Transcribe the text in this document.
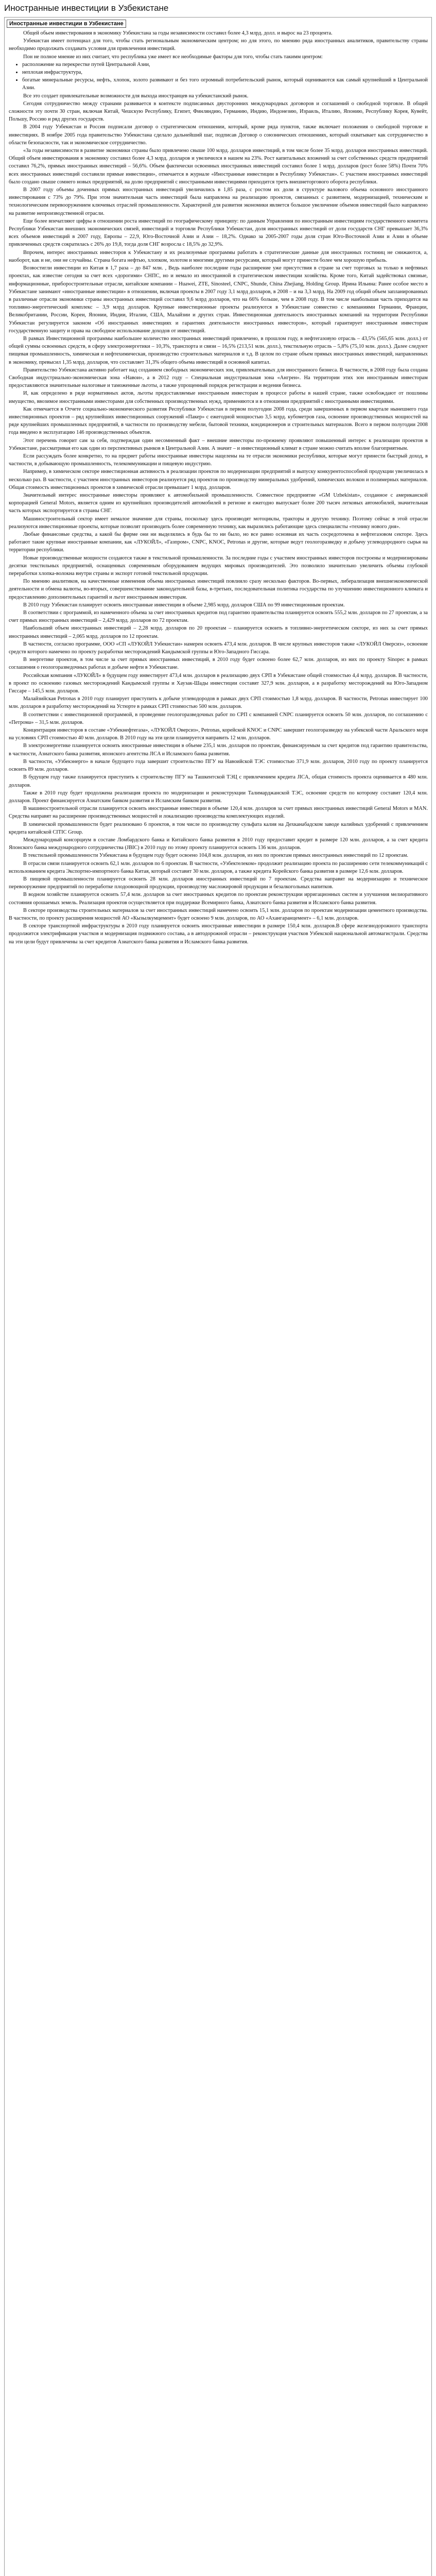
Иностранные инвестиции в Узбекистане
Иностранные инвестиции в Узбекистане

Общей обьем инвестирования в экономику Узбекистана за годы независимости составил более 4,3 млрд. долл. и вырос на 23 процента.

Узбекистан имеет потенциал для того, чтобы стать региональным экономическим центром; но для этого, по мнению ряда иностранных аналитиков, правительству страны необходимо продолжать создавать условия для привлечения инвестиций.

Пон не полное мнение из них считает, что республика уже имеет все необходимые факторы для того, чтобы стать такимм центром:

• расположение на перекрестке путей Центральной Азии,
• неплохая инфраструктура,
• богатые минеральные ресурсы, нефть, хлопок, золото развивают и без того огромный потребительский рынок, который оцениваются как самый крупнейший в Центральной Азии.

Все это создает привлекательные возможности для выхода иностранцев на узбекистанский рынок.

Сегодня сотрудничество между странами развивается в контексте подписанных двусторонних международных договоров и соглашений о свободной торговле. В общей сложности эту почти 30 стран, включая Китай, Чешскую Республику, Египет, Финляндию, Германию, Индию, Индонезию, Израиль, Италию, Японию, Республику Корея, Кувейт, Польшу, Россию и ряд других государств.

В 2004 году Узбекистан и Россия подписали договор о стратегическом отношении, который, кроме ряда пунктов, также включает положения о свободной торговле и инвестициях. В ноябре 2005 года правительство Узбекистана сделало дальнейший шаг, подписав Договор о союзнических отношениях, который охватывает как сотрудничество в области безопасности, так и экономическое сотрудничество.

«За годы независимости в развитие экономики страны было привлечено свыше 100 млрд. долларов инвестиций, в том числе более 35 млрд. долларов иностранных инвестиций. Общий объем инвестирования в экономику составил более 4,3 млрд. долларов и увеличился в нашем на 23%. Рост капитальных вложений за счет собственных средств предприятий составил 76,2%, прямых иностранных инвестиций – 56,6%. Объем фактически освоенных иностранных инвестиций составил более 1 млрд. долларов (рост более 58%) Почти 70% всех иностранных инвестиций составили прямые инвестиции», отмечается в журнале «Иностранные инвестиции в Республику Узбекистан». С участием иностранных инвестиций было создано свыше сомнего новых предприятий, на долю предприятий с иностранными инвестициями приходится треть внешнеторгового оборота республики.

В 2007 году объемы доченных прямых иностранных инвестиций увеличились в 1,85 раза, с ростом их доли в структуре валового объема основного иностранного инвестирования с 73% до 79%. При этом значительная часть инвестиций была направлена на реализацию проектов, связанных с развитием, модернизацией, техническим и технологическим перевооружением ключевых отраслей промышленности. Характерной для развития экономики является большое увеличение объемов инвестиций было направлено на развитие непроизводственной отрасли.

Еще более впечатляют цифры в отношении роста инвестиций по географическому принципу: по данным Управления по иностранным инвестициям государственного комитета Республики Узбекистан внешних экономических связей, инвестиций и торговли Республики Узбекистан, доля иностранных инвестиций от доли государств СНГ превышает 36,3% всех объемов инвестиций в 2007 году, Европы – 22,9, Юго-Восточной Азии и Азии – 18,2%. Однако за 2005-2007 годы доля стран Юго-Восточной Азии и Азии в объеме привлеченных средств сократилась с 26% до 19,8, тогда доля СНГ возросла с 18,5% до 32,9%.

Впрочем, интерес иностранных инвесторов к Узбекистану и их реализуемые программы работать в стратегические данные для иностранных гостиниц не снижаются, а, наоборот, как и не, они не случайны. Страна богата нефтью, хлопком, золотом и многими другими ресурсами, который могут принести более чем хорошую прибыль.

Возвостигли инвестиции из Китая в 1,7 раза – до 847 млн. , Ведь наиболее последние годы расширение уже присутствия в стране за счет торговых за только в нефтяных проектах, как известие сегодня за счет всех «дорогими» СНПС, но и немало из иностранной в стратегическом инвестиции хозяйства. Кроме того, Китай задействовал связные, информационные, приборостроительные отрасли, китайские компании – Huawei, ZTE, Sinosteel, CNPC, Shunde, China Zhejiang, Holding Group. Ирина Ильина: Ранее особое место в Узбекистане занимают «иностранные инвестиции» в отношении, включая проекты в 2007 году 3,1 млрд долларов, в 2008 – и на 3,3 млрд. На 2009 год общий объем запланированных в различные отрасли экономики страны иностранных инвестиций составил 9,6 млрд долларов, что на 66% больше, чем в 2008 году. В том числе наибольшая часть приходится на топливно-энергетический комплекс – 3,9 млрд долларов. Крупные инвестиционные проекты реализуются в Узбекистане совместно с компаниями Германии, Франции, Великобритании, России, Кореи, Японии, Индии, Италии, США, Малайзии и других стран. Инвестиционная деятельность иностранных компаний на территории Республики Узбекистан регулируется законом «Об иностранных инвестициях и гарантиях деятельности иностранных инвесторов», который гарантирует иностранным инвесторам государственную защиту и права на свободное использование доходов от инвестиций.

В рамках Инвестиционной программы наибольшее количество иностранных инвестиций привлечено, в прошлом году, в нефтегазовую отрасль – 43,5% (565,65 млн. долл.) от общей суммы освоенных средств, в сферу электроэнергетики – 10,3%, транспорта и связи – 16,5% (213,51 млн. долл.), текстильную отрасль – 5,8% (75,10 млн. долл.). Далее следуют пищевая промышленность, химическая и нефтехимическая, производство строительных материалов и т.д. В целом по стране объем прямых иностранных инвестиций, направленных в экономику, превысил 1,35 млрд. долларов, что составляет 31,3% общего объема инвестиций в основной капитал.

Правительство Узбекистана активно работает над созданием свободных экономических зон, привлекательных для иностранного бизнеса. В частности, в 2008 году была создана Свободная индустриально-экономическая зона «Навои», а в 2012 году – Специальная индустриальная зона «Ангрен». На территории этих зон иностранным инвесторам предоставляются значительные налоговые и таможенные льготы, а также упрощенный порядок регистрации и ведения бизнеса.

И, как определено в ряде нормативных актов, льготы предоставляемые иностранным инвесторам в процессе работы в нашей стране, также освобождают от пошлины имущество, ввозимое иностранными инвесторами для собственных производственных нужд, применяются и в отношении предприятий с иностранными инвестициями.

Как отмечается в Отчете социально-экономического развития Республики Узбекистан в первом полугодии 2008 года, среди завершенных в первом квартале нынешнего года инвестиционных проектов – ряд крупнейших инвестиционных сооружений «Пакер» с ежегодной мощностью 3,5 млрд. кубометров газа, освоение производственных мощностей на ряде крупнейших промышленных предприятий, в частности по производству мебели, бытовой техники, кондиционеров и строительных материалов. Всего в первом полугодии 2008 года введено в эксплуатацию 146 производственных объектов.

Этот перечень говорит сам за себя, подтверждая один несомненный факт – внешние инвесторы по-прежнему проявляют повышенный интерес к реализации проектов в Узбекистане, рассматривая его как один из перспективных рынков в Центральной Азии. А значит – и инвестиционный климат в стране можно считать вполне благоприятным.

Если рассуждать более конкретно, то на предмет работы иностранные инвесторы нацелены на те отрасли экономики республики, которые могут принести быстрый доход, в частности, в добывающую промышленность, телекоммуникации и пищевую индустрию.

Например, в химическом секторе инвестиционная активность в реализации проектов по модернизации предприятий и выпуску конкурентоспособной продукции увеличилась в несколько раз. В частности, с участием иностранных инвесторов реализуется ряд проектов по производству минеральных удобрений, химических волокон и полимерных материалов. Общая стоимость инвестиционных проектов в химической отрасли превышает 1 млрд. долларов.

Значительный интерес иностранные инвесторы проявляют к автомобильной промышленности. Совместное предприятие «GM Uzbekistan», созданное с американской корпорацией General Motors, является одним из крупнейших производителей автомобилей в регионе и ежегодно выпускает более 200 тысяч легковых автомобилей, значительная часть которых экспортируется в страны СНГ.

Машиностроительный сектор имеет немалое значение для страны, поскольку здесь производят мотоциклы, тракторы и другую технику. Поэтому сейчас в этой отрасли реализуются инвестиционные проекты, которые позволят производить более современную технику, как выразились работающие здесь специалисты «технику нового дня».

Любые финансовые средства, а какой бы фирме они ни выделялись в будь бы то ни было, но все равно основная их часть сосредоточена в нефтегазовом секторе. Здесь работают такие крупные иностранные компании, как «ЛУКОЙЛ», «Газпром», CNPC, KNOC, Petronas и другие, которые ведут геологоразведку и добычу углеводородного сырья на территории республики.

Новые производственные мощности создаются также в текстильной промышленности. За последние годы с участием иностранных инвесторов построены и модернизированы десятки текстильных предприятий, оснащенных современным оборудованием ведущих мировых производителей. Это позволило значительно увеличить объемы глубокой переработки хлопка-волокна внутри страны и экспорт готовой текстильной продукции.

По мнению аналитиков, на качественные изменения объема иностранных инвестиций повлияло сразу несколько факторов. Во-первых, либерализация внешнеэкономической деятельности и обмена валюты, во-вторых, совершенствование законодательной базы, в-третьих, последовательная политика государства по улучшению инвестиционного климата и предоставлению дополнительных гарантий и льгот иностранным инвесторам.

В 2010 году Узбекистан планирует освоить иностранные инвестиции в объеме 2,985 млрд. долларов США по 99 инвестиционным проектам.

В соответствии с программой, из намеченного объема за счет иностранных кредитов под гарантию правительства планируется освоить 555,2 млн. долларов по 27 проектам, а за счет прямых иностранных инвестиций – 2,429 млрд. долларов по 72 проектам.

Наибольший объем иностранных инвестиций – 2,28 млрд. долларов по 20 проектам – планируется освоить в топливно-энергетическом секторе, из них за счет прямых иностранных инвестиций – 2,065 млрд. долларов по 12 проектам.

В частности, согласно программе, ООО «СП «ЛУКОЙЛ Узбекистан» намерен освоить 473,4 млн. долларов. В числе крупных инвесторов также «ЛУКОЙЛ Оверсиз», освоение средств которого намечено по проекту разработки месторождений Кандымской группы и Юго-Западного Гиссара.

В энергетике проектов, в том числе за счет прямых иностранных инвестиций, в 2010 году будет освоено более 62,7 млн. долларов, из них по проекту Sinopec в рамках соглашения о геологоразведочных работах и добыче нефти в Узбекистане.

Российская компания «ЛУКОЙЛ» в будущем году инвестирует 473,4 млн. долларов в реализацию двух СРП в Узбекистане общей стоимостью 4,4 млрд. долларов. В частности, в проект по освоению газовых месторождений Кандымской группы и Хаузак-Шады инвестиции составят 327,9 млн. долларов, а в разработку месторождений на Юго-Западном Гиссаре – 145,5 млн. долларов.

Малайзийская Petronas в 2010 году планирует приступить к добыче углеводородов в рамках двух СРП стоимостью 1,8 млрд. долларов. В частности, Petronas инвестирует 100 млн. долларов в разработку месторождений на Устюрте в рамках СРП стоимостью 500 млн. долларов.

В соответствии с инвестиционной программой, в проведение геологоразведочных работ по СРП с компанией CNPC планируется освоить 50 млн. долларов, по соглашению с «Петрома» – 31,5 млн. долларов.

Концентрация инвесторов в составе «Узбекнефтегаза», «ЛУКОЙЛ Оверсиз», Petronas, корейской KNOC и CNPC завершит геологоразведку на узбекской части Аральского моря на условиях СРП стоимостью 40 млн. долларов. В 2010 году на эти цели планируется направить 12 млн. долларов.

В электроэнергетике планируется освоить иностранные инвестиции в объеме 235,1 млн. долларов по проектам, финансируемым за счет кредитов под гарантию правительства, в частности, Азиатского банка развития, японского агентства JICA и Исламского банка развития.

В частности, «Узбекэнерго» в начале будущего года завершит строительство ПГУ на Навоийской ТЭС стоимостью 371,9 млн. долларов, 2010 году по проекту планируется освоить 89 млн. долларов.

В будущем году также планируется приступить к строительству ПГУ на Ташкентской ТЭЦ с привлечением кредита JICA, общая стоимость проекта оценивается в 480 млн. долларов.

Также в 2010 году будет продолжена реализация проекта по модернизации и реконструкции Талимарджанской ТЭС, освоение средств по которому составит 120,4 млн. долларов. Проект финансируется Азиатским банком развития и Исламским банком развития.

В машиностроительной отрасли планируется освоить иностранные инвестиции в объеме 120,4 млн. долларов за счет прямых иностранных инвестиций General Motors и MAN. Средства направят на расширение производственных мощностей и локализацию производства комплектующих изделий.

В химической промышленности будет реализовано 6 проектов, в том числе по производству сульфата калия на Дехканабадском заводе калийных удобрений с привлечением кредита китайской CITIC Group.

Международный консорциум в составе Ломбардского банка и Китайского банка развития в 2010 году предоставит кредит в размере 120 млн. долларов, а за счет кредита Японского банка международного сотрудничества (JBIC) в 2010 году по этому проекту планируется освоить 136 млн. долларов.

В текстильной промышленности Узбекистана в будущем году будет освоено 104,8 млн. долларов, из них по проектам прямых иностранных инвестиций по 12 проектам.

В отрасли связи планируется освоить 62,1 млн. долларов по 6 проектам. В частности, «Узбектелеком» продолжит реализацию проекта по расширению сети телекоммуникаций с использованием кредита Экспортно-импортного банка Китая, который составит 30 млн. долларов, а также кредита Корейского банка развития в размере 12,6 млн. долларов.

В пищевой промышленности планируется освоить 28 млн. долларов иностранных инвестиций по 7 проектам. Средства направят на модернизацию и техническое перевооружение предприятий по переработке плодоовощной продукции, производству масложировой продукции и безалкогольных напитков.

В водном хозяйстве планируется освоить 57,4 млн. долларов за счет иностранных кредитов по проектам реконструкции ирригационных систем и улучшения мелиоративного состояния орошаемых земель. Реализация проектов осуществляется при поддержке Всемирного банка, Азиатского банка развития и Исламского банка развития.

В секторе производства строительных материалов за счет иностранных инвестиций намечено освоить 15,1 млн. долларов по проектам модернизации цементного производства. В частности, по проекту расширения мощностей АО «Кызылкумцемент» будет освоено 9 млн. долларов, по АО «Ахангаранцемент» – 6,1 млн. долларов.

В секторе транспортной инфраструктуры в 2010 году планируется освоить иностранные инвестиции в размере 150,4 млн. долларов.В сфере железнодорожного транспорта продолжится электрификация участков и модернизация подвижного состава, а в автодорожной отрасли – реконструкция участков Узбекской национальной автомагистрали. Средства на эти цели будут привлечены за счет кредитов Азиатского банка развития и Исламского банка развития.
